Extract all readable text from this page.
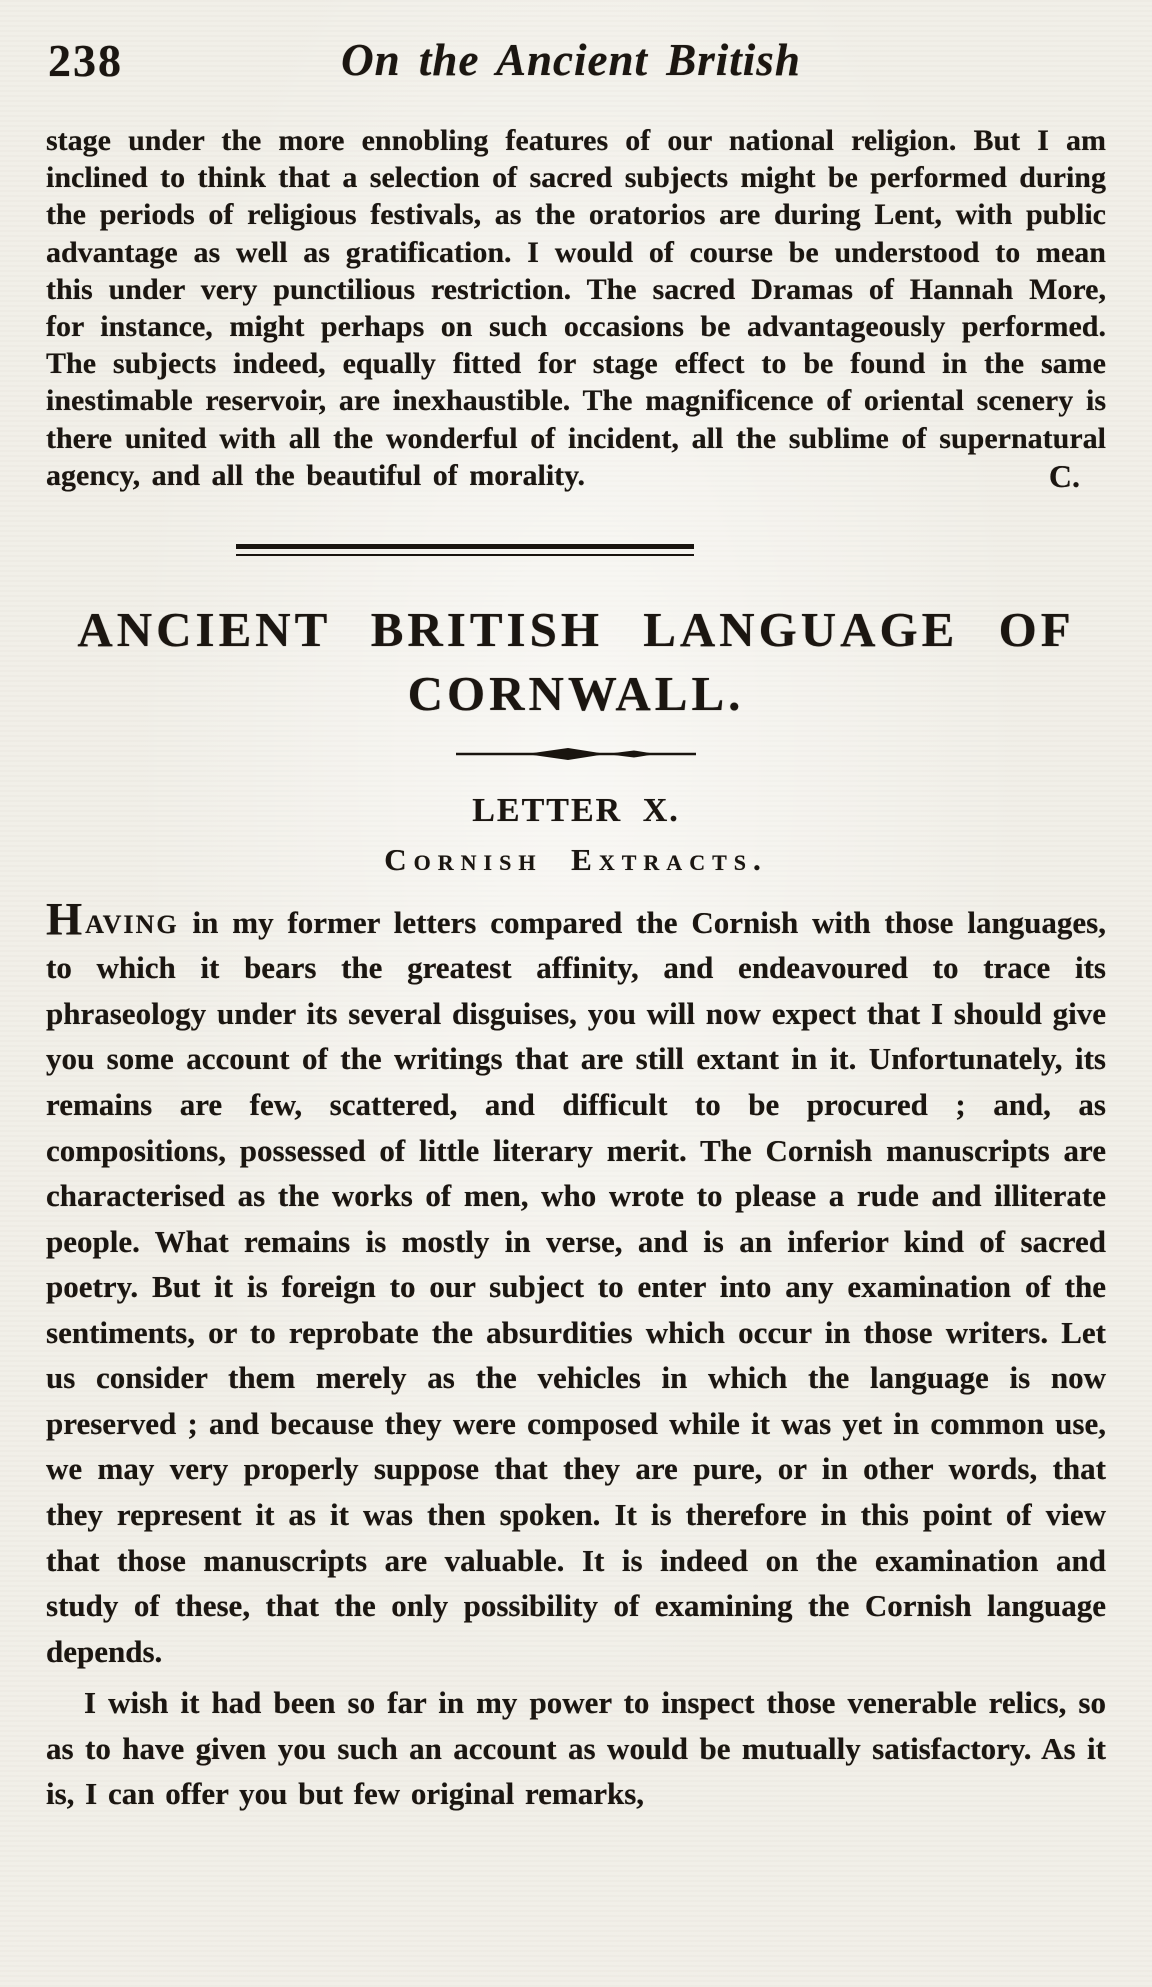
238	On the Ancient British

stage under the more ennobling features of our national religion. But I am inclined to think that a selection of sacred subjects might be performed during the periods of religious festivals, as the oratorios are during Lent, with public advantage as well as gratification. I would of course be understood to mean this under very punctilious restriction. The sacred Dramas of Hannah More, for instance, might perhaps on such occasions be advantageously performed. The subjects indeed, equally fitted for stage effect to be found in the same inestimable reservoir, are inexhaustible. The magnificence of oriental scenery is there united with all the wonderful of incident, all the sublime of supernatural agency, and all the beautiful of morality.	C.

ANCIENT BRITISH LANGUAGE OF
CORNWALL.
LETTER X.
Cornish Extracts.

HAVING in my former letters compared the Cornish with those languages, to which it bears the greatest affinity, and endeavoured to trace its phraseology under its several disguises, you will now expect that I should give you some account of the writings that are still extant in it. Unfortunately, its remains are few, scattered, and difficult to be procured ; and, as compositions, possessed of little literary merit. The Cornish manuscripts are characterised as the works of men, who wrote to please a rude and illiterate people. What remains is mostly in verse, and is an inferior kind of sacred poetry. But it is foreign to our subject to enter into any examination of the sentiments, or to reprobate the absurdities which occur in those writers. Let us consider them merely as the vehicles in which the language is now preserved ; and because they were composed while it was yet in common use, we may very properly suppose that they are pure, or in other words, that they represent it as it was then spoken. It is therefore in this point of view that those manuscripts are valuable. It is indeed on the examination and study of these, that the only possibility of examining the Cornish language depends.

I wish it had been so far in my power to inspect those venerable relics, so as to have given you such an account as would be mutually satisfactory. As it is, I can offer you but few original remarks,
